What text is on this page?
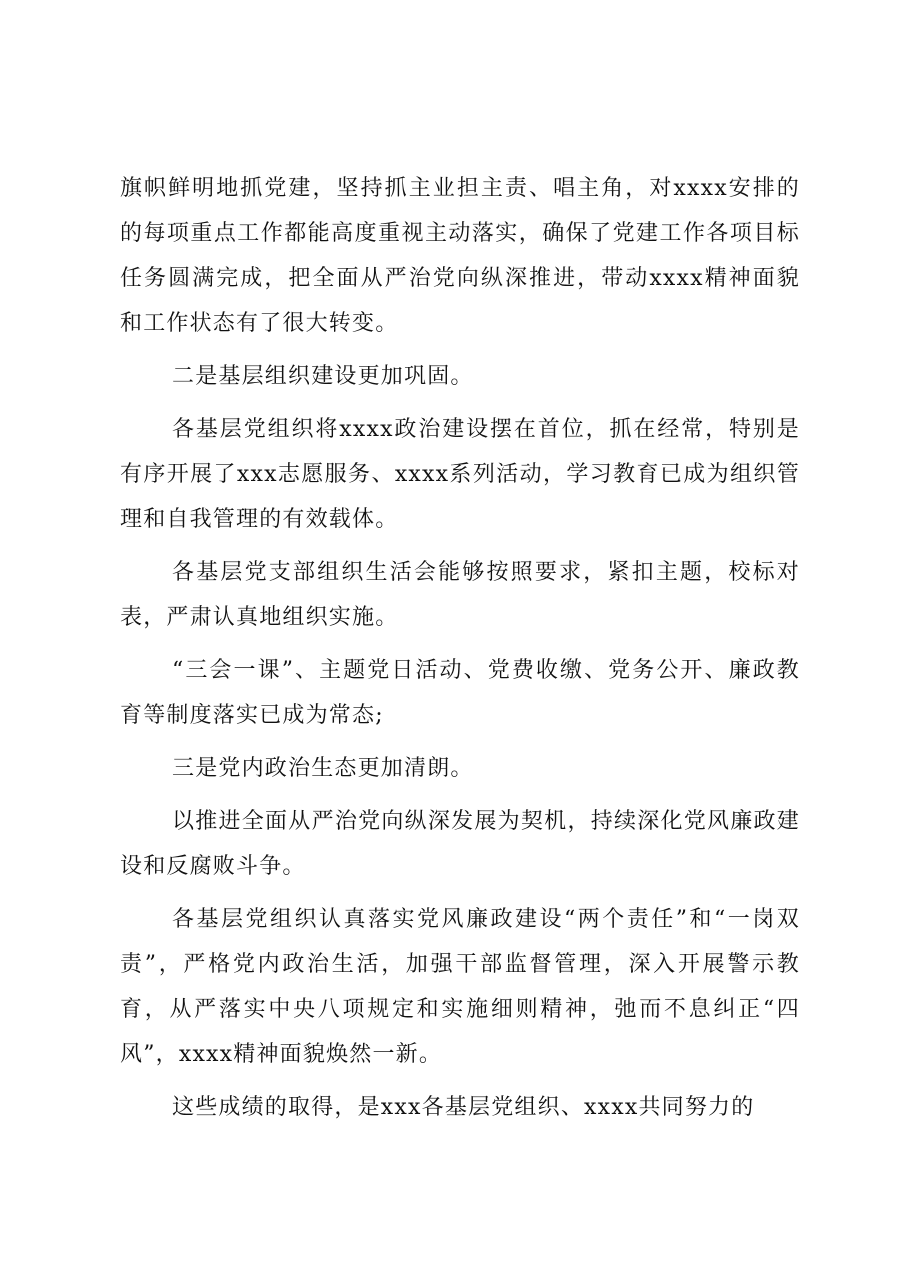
旗帜鲜明地抓党建，坚持抓主业担主责、唱主角，对xxxx安排的的每项重点工作都能高度重视主动落实，确保了党建工作各项目标任务圆满完成，把全面从严治党向纵深推进，带动xxxx精神面貌和工作状态有了很大转变。

二是基层组织建设更加巩固。

各基层党组织将xxxx政治建设摆在首位，抓在经常，特别是有序开展了xxx志愿服务、xxxx系列活动，学习教育已成为组织管理和自我管理的有效载体。

各基层党支部组织生活会能够按照要求，紧扣主题，校标对表，严肃认真地组织实施。

“三会一课”、主题党日活动、党费收缴、党务公开、廉政教育等制度落实已成为常态;

三是党内政治生态更加清朗。

以推进全面从严治党向纵深发展为契机，持续深化党风廉政建设和反腐败斗争。

各基层党组织认真落实党风廉政建设“两个责任”和“一岗双责”，严格党内政治生活，加强干部监督管理，深入开展警示教育，从严落实中央八项规定和实施细则精神，弛而不息纠正“四风”，xxxx精神面貌焕然一新。

这些成绩的取得，是xxx各基层党组织、xxxx共同努力的
